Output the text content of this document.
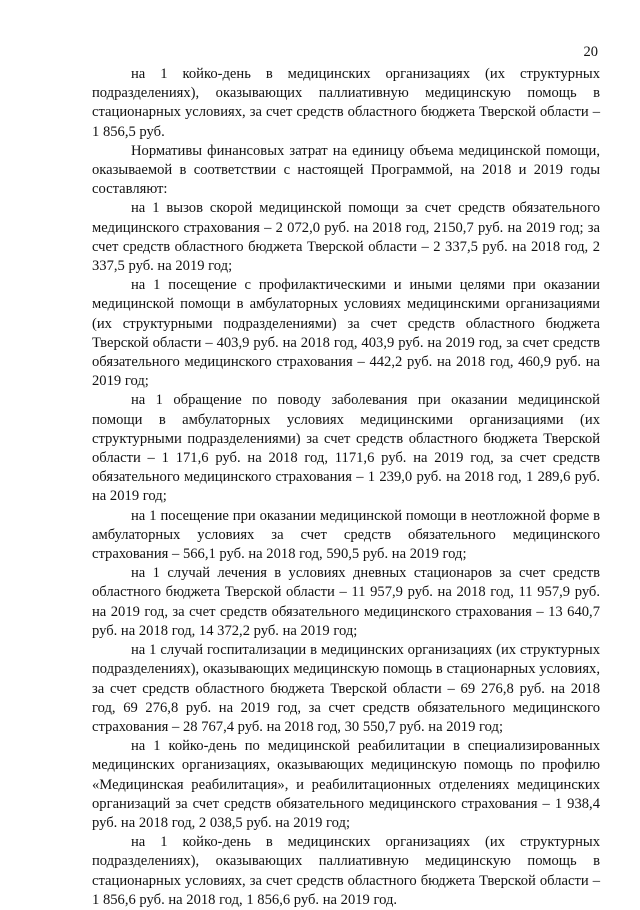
20

на 1 койко-день в медицинских организациях (их структурных подразделениях), оказывающих паллиативную медицинскую помощь в стационарных условиях, за счет средств областного бюджета Тверской области – 1 856,5 руб.

Нормативы финансовых затрат на единицу объема медицинской помощи, оказываемой в соответствии с настоящей Программой, на 2018 и 2019 годы составляют:

на 1 вызов скорой медицинской помощи за счет средств обязательного медицинского страхования – 2 072,0 руб. на 2018 год, 2150,7 руб. на 2019 год; за счет средств областного бюджета Тверской области – 2 337,5 руб. на 2018 год, 2 337,5 руб. на 2019 год;

на 1 посещение с профилактическими и иными целями при оказании медицинской помощи в амбулаторных условиях медицинскими организациями (их структурными подразделениями) за счет средств областного бюджета Тверской области – 403,9 руб. на 2018 год, 403,9 руб. на 2019 год, за счет средств обязательного медицинского страхования – 442,2 руб. на 2018 год, 460,9 руб. на 2019 год;

на 1 обращение по поводу заболевания при оказании медицинской помощи в амбулаторных условиях медицинскими организациями (их структурными подразделениями) за счет средств областного бюджета Тверской области – 1 171,6 руб. на 2018 год, 1171,6 руб. на 2019 год, за счет средств обязательного медицинского страхования – 1 239,0 руб. на 2018 год, 1 289,6 руб. на 2019 год;

на 1 посещение при оказании медицинской помощи в неотложной форме в амбулаторных условиях за счет средств обязательного медицинского страхования – 566,1 руб. на 2018 год, 590,5 руб. на 2019 год;

на 1 случай лечения в условиях дневных стационаров за счет средств областного бюджета Тверской области – 11 957,9 руб. на 2018 год, 11 957,9 руб. на 2019 год, за счет средств обязательного медицинского страхования – 13 640,7 руб. на 2018 год, 14 372,2 руб. на 2019 год;

на 1 случай госпитализации в медицинских организациях (их структурных подразделениях), оказывающих медицинскую помощь в стационарных условиях, за счет средств областного бюджета Тверской области – 69 276,8 руб. на 2018 год, 69 276,8 руб. на 2019 год, за счет средств обязательного медицинского страхования – 28 767,4 руб. на 2018 год, 30 550,7 руб. на 2019 год;

на 1 койко-день по медицинской реабилитации в специализированных медицинских организациях, оказывающих медицинскую помощь по профилю «Медицинская реабилитация», и реабилитационных отделениях медицинских организаций за счет средств обязательного медицинского страхования – 1 938,4 руб. на 2018 год, 2 038,5 руб. на 2019 год;

на 1 койко-день в медицинских организациях (их структурных подразделениях), оказывающих паллиативную медицинскую помощь в стационарных условиях, за счет средств областного бюджета Тверской области – 1 856,6 руб. на 2018 год, 1 856,6 руб. на 2019 год.
